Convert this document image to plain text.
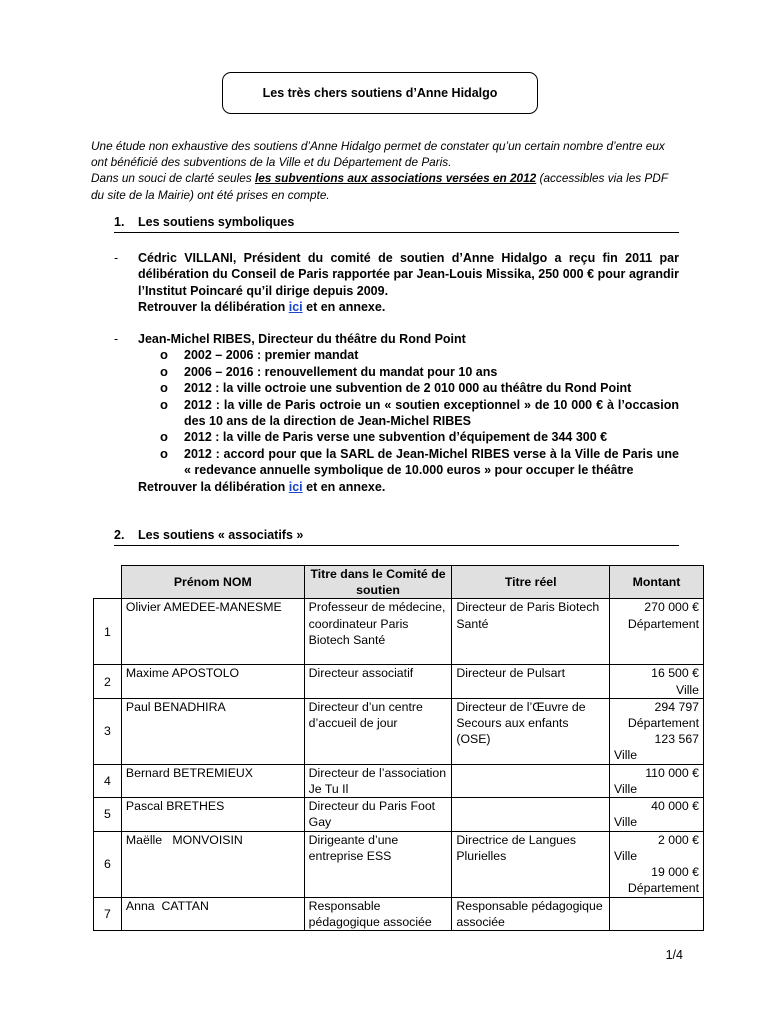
Les très chers soutiens d’Anne Hidalgo
Une étude non exhaustive des soutiens d’Anne Hidalgo permet de constater qu’un certain nombre d’entre eux ont bénéficié des subventions de la Ville et du Département de Paris.
Dans un souci de clarté seules les subventions aux associations versées en 2012 (accessibles via les PDF du site de la Mairie) ont été prises en compte.
1. Les soutiens symboliques
- Cédric VILLANI, Président du comité de soutien d’Anne Hidalgo a reçu fin 2011 par délibération du Conseil de Paris rapportée par Jean-Louis Missika, 250 000 € pour agrandir l’Institut Poincaré qu’il dirige depuis 2009.
Retrouver la délibération ici et en annexe.
- Jean-Michel RIBES, Directeur du théâtre du Rond Point
o 2002 – 2006 : premier mandat
o 2006 – 2016 : renouvellement du mandat pour 10 ans
o 2012 : la ville octroie une subvention de 2 010 000 au théâtre du Rond Point
o 2012 : la ville de Paris octroie un « soutien exceptionnel » de 10 000 € à l’occasion des 10 ans de la direction de Jean-Michel RIBES
o 2012 : la ville de Paris verse une subvention d’équipement de 344 300 €
o 2012 : accord pour que la SARL de Jean-Michel RIBES verse à la Ville de Paris une « redevance annuelle symbolique de 10.000 euros » pour occuper le théâtre
Retrouver la délibération ici et en annexe.
2. Les soutiens « associatifs »
	Prénom NOM	Titre dans le Comité de soutien	Titre réel	Montant
1	Olivier AMEDEE-MANESME	Professeur de médecine, coordinateur Paris Biotech Santé	Directeur de Paris Biotech Santé	270 000 €
Département

2	Maxime APOSTOLO	Directeur associatif	Directeur de Pulsart	16 500 €
Ville

3	Paul BENADHIRA	Directeur d’un centre d’accueil de jour	Directeur de l’Œuvre de Secours aux enfants (OSE)	294 797
Département
123 567
Ville

4	Bernard BETREMIEUX	Directeur de l’association Je Tu Il		110 000 €
Ville

5	Pascal BRETHES	Directeur du Paris Foot Gay		40 000 €
Ville

6	Maëlle   MONVOISIN	Dirigeante d’une entreprise ESS	Directrice de Langues Plurielles	2 000 €
Ville
19 000 €
Département

7	Anna  CATTAN	Responsable pédagogique associée	Responsable pédagogique associée	
1/4
